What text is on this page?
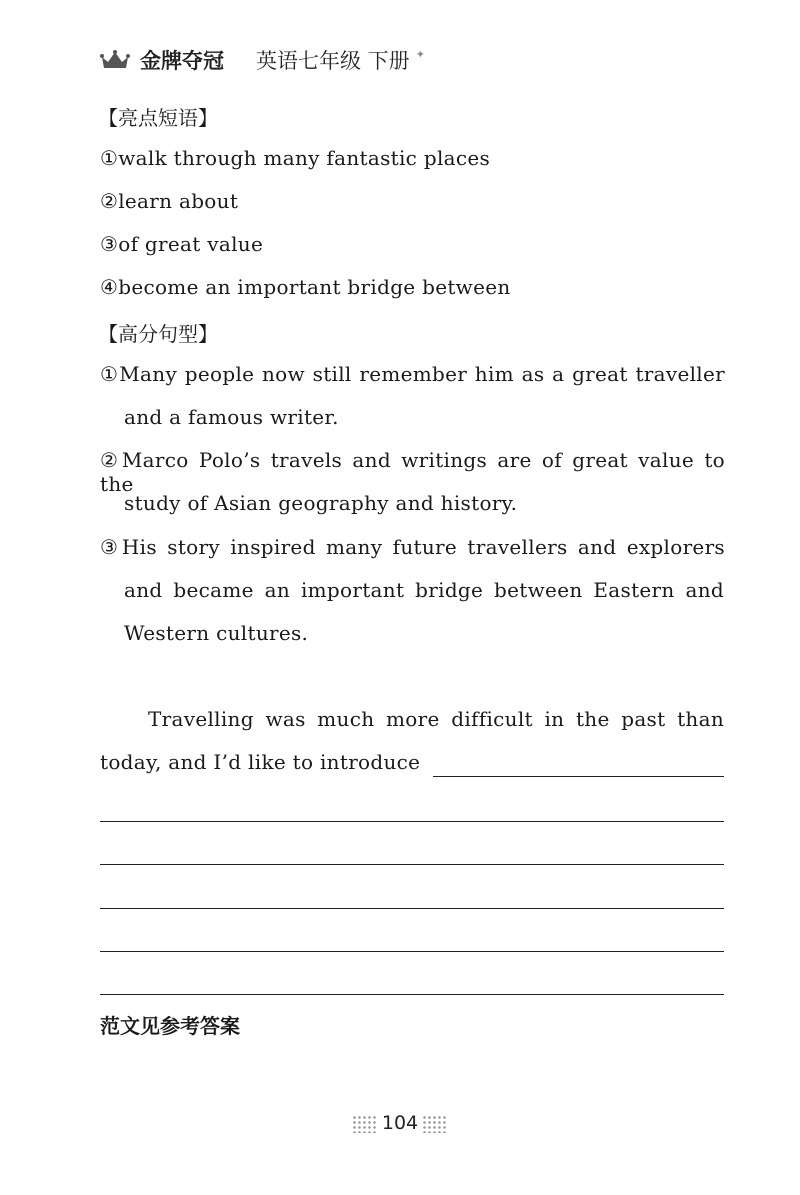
金牌夺冠 英语七年级 下册 ✦
【亮点短语】
①walk through many fantastic places
②learn about
③of great value
④become an important bridge between
【高分句型】
①Many people now still remember him as a great traveller
and a famous writer.
②Marco Polo’s travels and writings are of great value to the
study of Asian geography and history.
③His story inspired many future travellers and explorers
and became an important bridge between Eastern and
Western cultures.
Travelling was much more difficult in the past than
today, and I’d like to introduce
范文见参考答案
104
